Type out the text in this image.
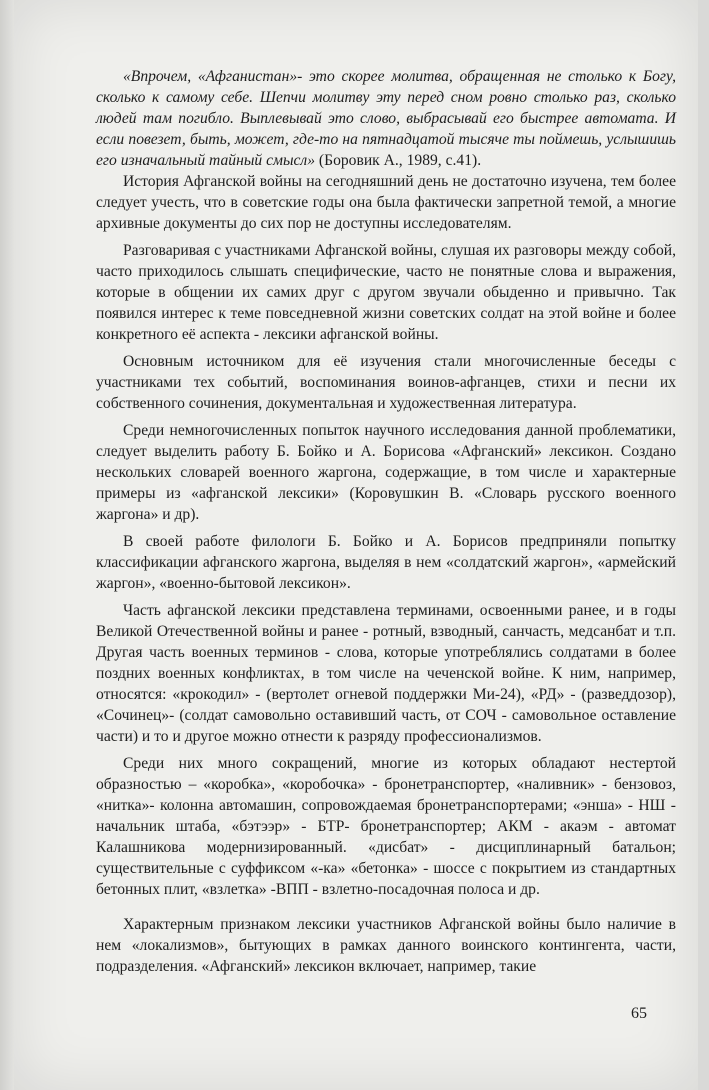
«Впрочем, «Афганистан»- это скорее молитва, обращенная не столько к Богу, сколько к самому себе. Шепчи молитву эту перед сном ровно столько раз, сколько людей там погибло. Выплевывай это слово, выбрасывай его быстрее автомата. И если повезет, быть, может, где-то на пятнадцатой тысяче ты поймешь, услышишь его изначальный тайный смысл» (Боровик А., 1989, с.41).

История Афганской войны на сегодняшний день не достаточно изучена, тем более следует учесть, что в советские годы она была фактически запретной темой, а многие архивные документы до сих пор не доступны исследователям.

Разговаривая с участниками Афганской войны, слушая их разговоры между собой, часто приходилось слышать специфические, часто не понятные слова и выражения, которые в общении их самих друг с другом звучали обыденно и привычно. Так появился интерес к теме повседневной жизни советских солдат на этой войне и более конкретного её аспекта - лексики афганской войны.

Основным источником для её изучения стали многочисленные беседы с участниками тех событий, воспоминания воинов-афганцев, стихи и песни их собственного сочинения, документальная и художественная литература.

Среди немногочисленных попыток научного исследования данной проблематики, следует выделить работу Б. Бойко и А. Борисова «Афганский» лексикон. Создано нескольких словарей военного жаргона, содержащие, в том числе и характерные примеры из «афганской лексики» (Коровушкин В. «Словарь русского военного жаргона» и др).

В своей работе филологи Б. Бойко и А. Борисов предприняли попытку классификации афганского жаргона, выделяя в нем «солдатский жаргон», «армейский жаргон», «военно-бытовой лексикон».

Часть афганской лексики представлена терминами, освоенными ранее, и в годы Великой Отечественной войны и ранее - ротный, взводный, санчасть, медсанбат и т.п. Другая часть военных терминов - слова, которые употреблялись солдатами в более поздних военных конфликтах, в том числе на чеченской войне. К ним, например, относятся: «крокодил» - (вертолет огневой поддержки Ми-24), «РД» - (разведдозор), «Сочинец»- (солдат самовольно оставивший часть, от СОЧ - самовольное оставление части) и то и другое можно отнести к разряду профессионализмов.

Среди них много сокращений, многие из которых обладают нестертой образностью – «коробка», «коробочка» - бронетранспортер, «наливник» - бензовоз, «нитка»- колонна автомашин, сопровождаемая бронетранспортерами; «энша» - НШ - начальник штаба, «бэтээр» - БТР- бронетранспортер; АКМ - акаэм - автомат Калашникова модернизированный. «дисбат» - дисциплинарный батальон; существительные с суффиксом «-ка» «бетонка» - шоссе с покрытием из стандартных бетонных плит, «взлетка» -ВПП - взлетно-посадочная полоса и др.

Характерным признаком лексики участников Афганской войны было наличие в нем «локализмов», бытующих в рамках данного воинского контингента, части, подразделения. «Афганский» лексикон включает, например, такие

65
